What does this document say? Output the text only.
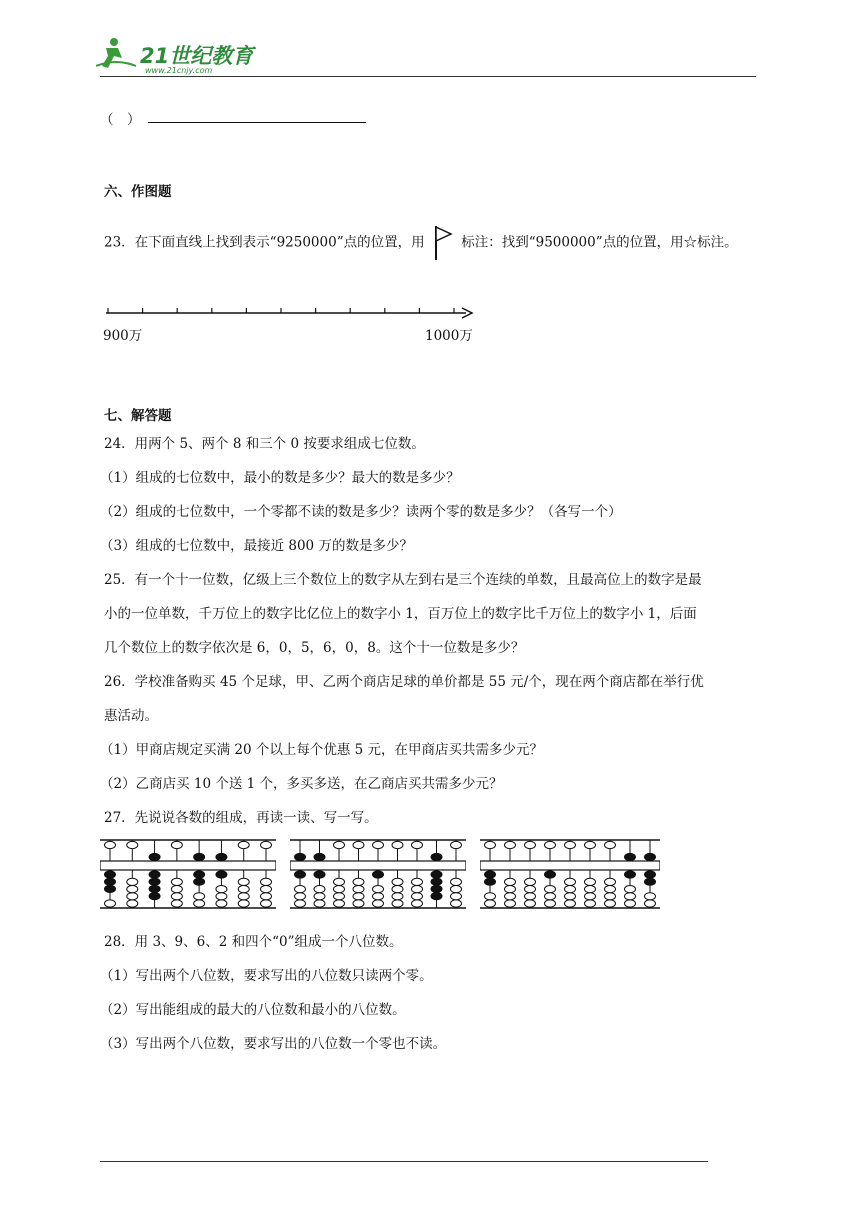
21世纪教育
www.21cnjy.com
（　）
六、作图题
23．在下面直线上找到表示“9250000”点的位置，用	标注：找到“9500000”点的位置，用☆标注。
900万	1000万
七、解答题
24．用两个 5、两个 8 和三个 0 按要求组成七位数。
（1）组成的七位数中，最小的数是多少？最大的数是多少？
（2）组成的七位数中，一个零都不读的数是多少？读两个零的数是多少？（各写一个）
（3）组成的七位数中，最接近 800 万的数是多少？
25．有一个十一位数，亿级上三个数位上的数字从左到右是三个连续的单数，且最高位上的数字是最
小的一位单数，千万位上的数字比亿位上的数字小 1，百万位上的数字比千万位上的数字小 1，后面
几个数位上的数字依次是 6，0，5，6，0，8。这个十一位数是多少？
26．学校准备购买 45 个足球，甲、乙两个商店足球的单价都是 55 元/个，现在两个商店都在举行优
惠活动。
（1）甲商店规定买满 20 个以上每个优惠 5 元，在甲商店买共需多少元？
（2）乙商店买 10 个送 1 个，多买多送，在乙商店买共需多少元？
27．先说说各数的组成，再读一读、写一写。
28．用 3、9、6、2 和四个“0”组成一个八位数。
（1）写出两个八位数，要求写出的八位数只读两个零。
（2）写出能组成的最大的八位数和最小的八位数。
（3）写出两个八位数，要求写出的八位数一个零也不读。
